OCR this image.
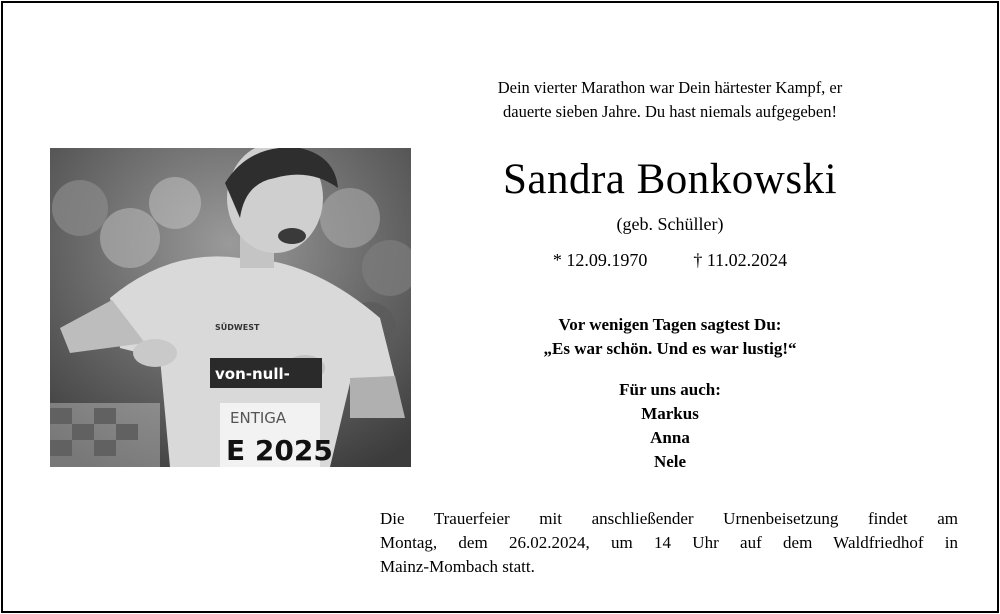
von-null-
SÜDWEST
ENTIGA
E 2025
Dein vierter Marathon war Dein härtester Kampf, er
dauerte sieben Jahre. Du hast niemals aufgegeben!
Sandra Bonkowski
(geb. Schüller)
* 12.09.1970	† 11.02.2024
Vor wenigen Tagen sagtest Du:
„Es war schön. Und es war lustig!“
Für uns auch:
Markus
Anna
Nele
Die Trauerfeier mit anschließender Urnenbeisetzung findet am
Montag, dem 26.02.2024, um 14 Uhr auf dem Waldfriedhof in
Mainz-Mombach statt.
